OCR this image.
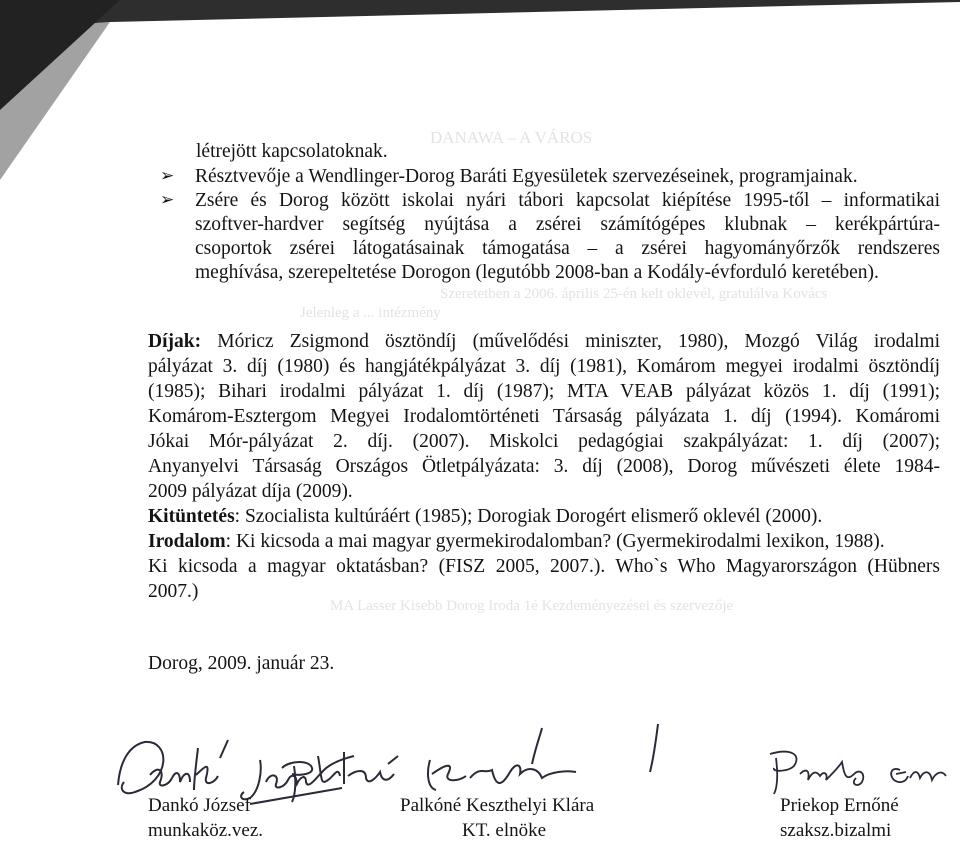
DANAWA – A VÁROS
Szeretetben a 2006. április 25-én kelt oklevél, gratulálva Kovács
Jelenleg a ... intézmény
MA Lasser Kisebb Dorog Iroda 1é Kezdeményezései és szervezője
létrejött kapcsolatoknak.
➢ Résztvevője a Wendlinger-Dorog Baráti Egyesületek szervezéseinek, programjainak.
➢ Zsére és Dorog között iskolai nyári tábori kapcsolat kiépítése 1995-től – informatikai
szoftver-hardver segítség nyújtása a zsérei számítógépes klubnak – kerékpártúra-
csoportok zsérei látogatásainak támogatása – a zsérei hagyományőrzők rendszeres
meghívása, szerepeltetése Dorogon (legutóbb 2008-ban a Kodály-évforduló keretében).
Díjak: Móricz Zsigmond ösztöndíj (művelődési miniszter, 1980), Mozgó Világ irodalmi
pályázat 3. díj (1980) és hangjátékpályázat 3. díj (1981), Komárom megyei irodalmi ösztöndíj
(1985); Bihari irodalmi pályázat 1. díj (1987); MTA VEAB pályázat közös 1. díj (1991);
Komárom-Esztergom Megyei Irodalomtörténeti Társaság pályázata 1. díj (1994). Komáromi
Jókai Mór-pályázat 2. díj. (2007). Miskolci pedagógiai szakpályázat: 1. díj (2007);
Anyanyelvi Társaság Országos Ötletpályázata: 3. díj (2008), Dorog művészeti élete 1984-
2009 pályázat díja (2009).
Kitüntetés: Szocialista kultúráért (1985); Dorogiak Dorogért elismerő oklevél (2000).
Irodalom: Ki kicsoda a mai magyar gyermekirodalomban? (Gyermekirodalmi lexikon, 1988).
Ki kicsoda a magyar oktatásban? (FISZ 2005, 2007.). Who`s Who Magyarországon (Hübners
2007.)
Dorog, 2009. január 23.
Dankó József
munkaköz.vez.
Palkóné Keszthelyi Klára
KT. elnöke
Priekop Ernőné
szaksz.bizalmi
